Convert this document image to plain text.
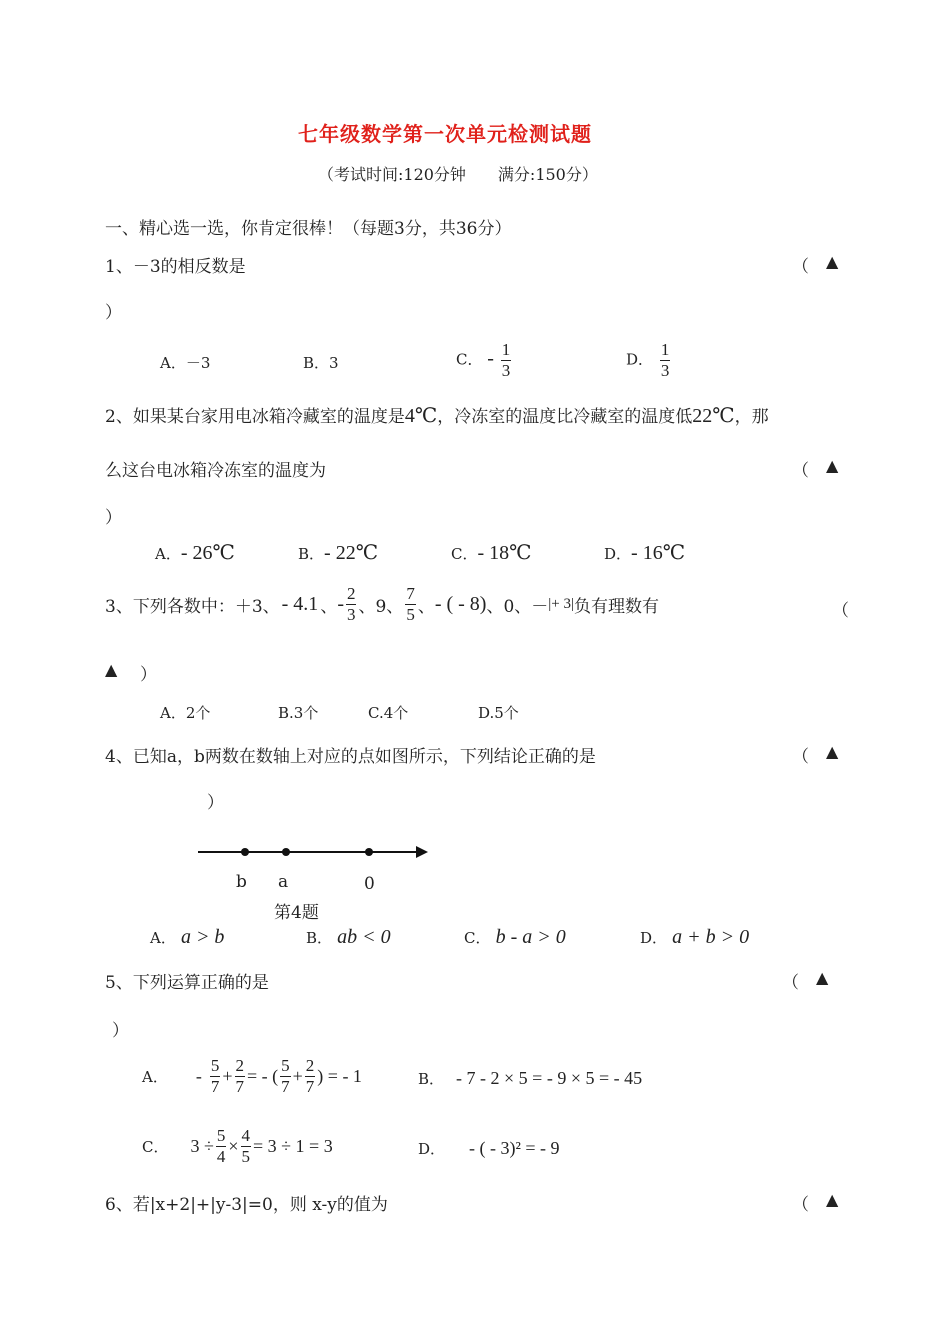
七年级数学第一次单元检测试题
（考试时间:120分钟　　满分:150分）
一、精心选一选，你肯定很棒！（每题3分，共36分）
1、－3的相反数是	（ ▲
）
A．－3	B．3	C． - $\frac{1}{3}$	D． $\frac{1}{3}$
2、如果某台家用电冰箱冷藏室的温度是4℃，冷冻室的温度比冷藏室的温度低22℃，那
么这台电冰箱冷冻室的温度为	（ ▲
）
A．- 26℃	B．- 22℃	C．- 18℃	D．- 16℃
3、下列各数中：＋3、 - 4.1 、 - $\frac{2}{3}$ 、9、 $\frac{7}{5}$ 、 - ( - 8) 、0、－ |+ 3| 负有理数有	（
▲ ）
A．2个	B.3个	C.4个	D.5个
4、已知a，b两数在数轴上对应的点如图所示，下列结论正确的是	（ ▲
）
b a	0
第4题
A． a > b	B． ab < 0	C． b - a > 0	D． a + b > 0
5、下列运算正确的是	（ ▲
）
A． - $\frac{5}{7} + \frac{2}{7}$ = - ( $\frac{5}{7} + \frac{2}{7}$ ) = - 1	B． - 7 - 2 × 5 = - 9 × 5 = - 45
C． $3 \div \frac{5}{4} \times \frac{4}{5} = 3 \div 1 = 3$	D． - ( - 3)² = - 9
6、若|x+2|+|y-3|=0，则 x-y的值为	（ ▲
